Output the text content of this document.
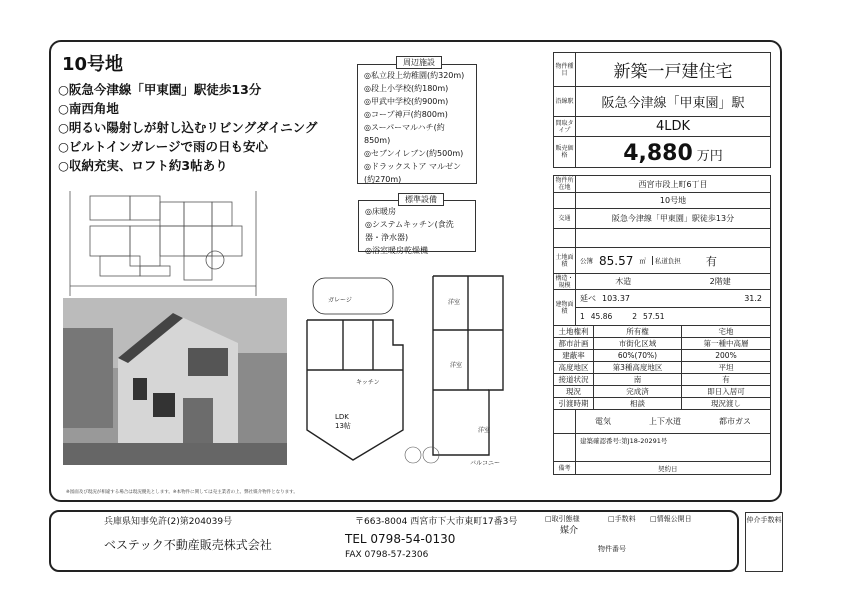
10号地
○阪急今津線「甲東園」駅徒歩13分
○南西角地
○明るい陽射しが射し込むリビングダイニング
○ビルトインガレージで雨の日も安心
○収納充実、ロフト約3帖あり
LDK
13帖
キッチン
ガレージ	洋室
洋室
洋室
バルコニー
◎私立段上幼稚園(約320m)
◎段上小学校(約180m)
◎甲武中学校(約900m)
◎コープ神戸(約800m)
◎スーパーマルハチ(約850m)
◎セブンイレブン(約500m)
◎ドラックストア マルゼン(約270m)
周辺施設
◎床暖房
◎システムキッチン(食洗器・浄水器)
◎浴室暖房乾燥機
標準設備
物件種目	新築一戸建住宅
沿線駅	阪急今津線「甲東園」駅
間取タイプ	4LDK
販売価格	4,880 万円
物件所在地	西宮市段上町6丁目
10号地
交通	阪急今津線「甲東園」駅徒歩13分
土地面積	公簿 85.57 ㎡	私道負担 有
構造・規模	木造	2階建
建物面積
延べ 103.37	31.2
1 45.86	2 57.51
土地権利	所有権	宅地
都市計画	市街化区域	第一種中高層
建蔽率	60%(70%)	200%
高度地区	第3種高度地区	平坦
接道状況	南	有
現況	完成済	即日入居可
引渡時期	相談	現況渡し
電気	上下水道	都市ガス
建築確認番号:第J18-20291号
備考	契約日
※図面及び現況が相違する場合は現況優先とします。※本物件に関しては売主業者の上、弊社媒介物件となります。
兵庫県知事免許(2)第204039号	〒663-8004 西宮市下大市東町17番3号
ベステック不動産販売株式会社	TEL 0798-54-0130
FAX 0798-57-2306
□取引態様
媒介
□手数料 □情報公開日
物件番号
仲介手数料
